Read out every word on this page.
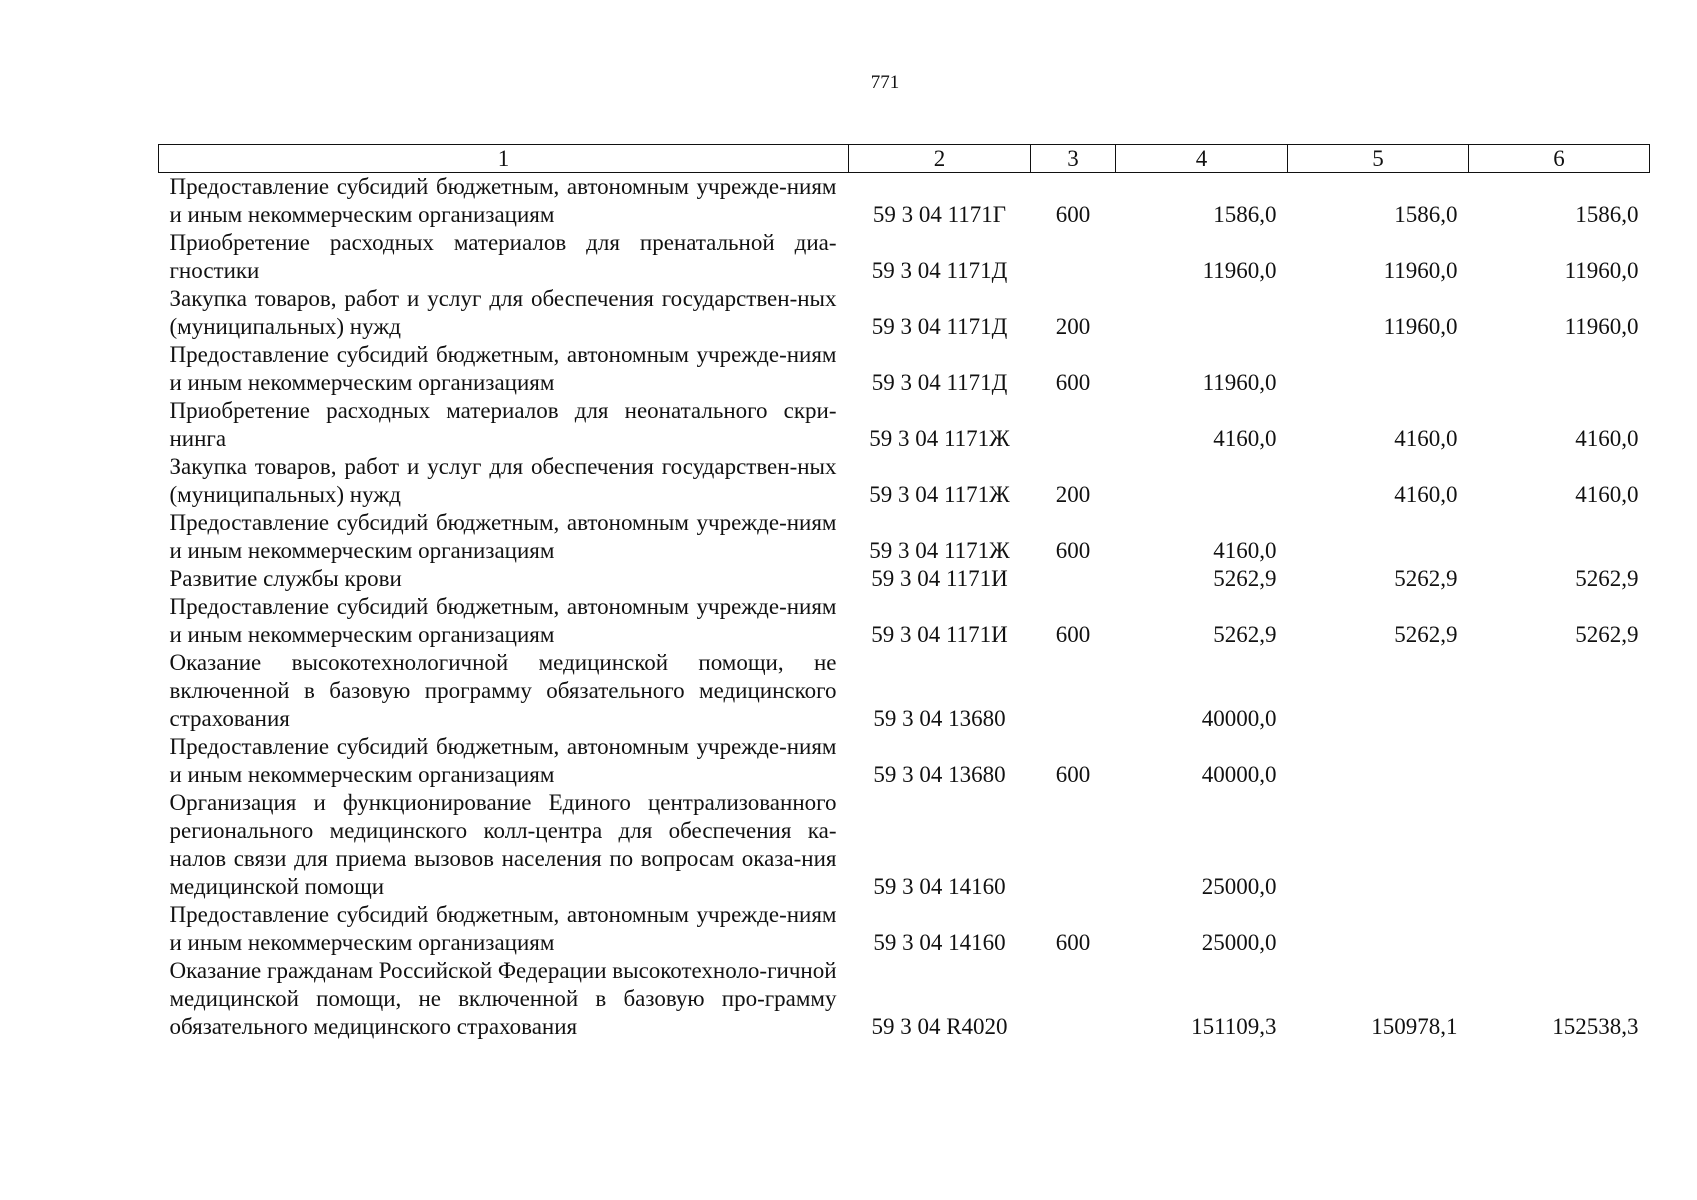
771
1	2	3	4	5	6
Предоставление субсидий бюджетным, автономным учрежде-ниям и иным некоммерческим организациям	59 3 04 1171Г	600	1586,0	1586,0	1586,0
Приобретение расходных материалов для пренатальной диа-гностики	59 3 04 1171Д		11960,0	11960,0	11960,0
Закупка товаров, работ и услуг для обеспечения государствен-ных (муниципальных) нужд	59 3 04 1171Д	200		11960,0	11960,0
Предоставление субсидий бюджетным, автономным учрежде-ниям и иным некоммерческим организациям	59 3 04 1171Д	600	11960,0		
Приобретение расходных материалов для неонатального скри-нинга	59 3 04 1171Ж		4160,0	4160,0	4160,0
Закупка товаров, работ и услуг для обеспечения государствен-ных (муниципальных) нужд	59 3 04 1171Ж	200		4160,0	4160,0
Предоставление субсидий бюджетным, автономным учрежде-ниям и иным некоммерческим организациям	59 3 04 1171Ж	600	4160,0		
Развитие службы крови	59 3 04 1171И		5262,9	5262,9	5262,9
Предоставление субсидий бюджетным, автономным учрежде-ниям и иным некоммерческим организациям	59 3 04 1171И	600	5262,9	5262,9	5262,9
Оказание высокотехнологичной медицинской помощи, не включенной в базовую программу обязательного медицинского страхования	59 3 04 13680		40000,0		
Предоставление субсидий бюджетным, автономным учрежде-ниям и иным некоммерческим организациям	59 3 04 13680	600	40000,0		
Организация и функционирование Единого централизованного регионального медицинского колл-центра для обеспечения ка-налов связи для приема вызовов населения по вопросам оказа-ния медицинской помощи	59 3 04 14160		25000,0		
Предоставление субсидий бюджетным, автономным учрежде-ниям и иным некоммерческим организациям	59 3 04 14160	600	25000,0		
Оказание гражданам Российской Федерации высокотехноло-гичной медицинской помощи, не включенной в базовую про-грамму обязательного медицинского страхования	59 3 04 R4020		151109,3	150978,1	152538,3
